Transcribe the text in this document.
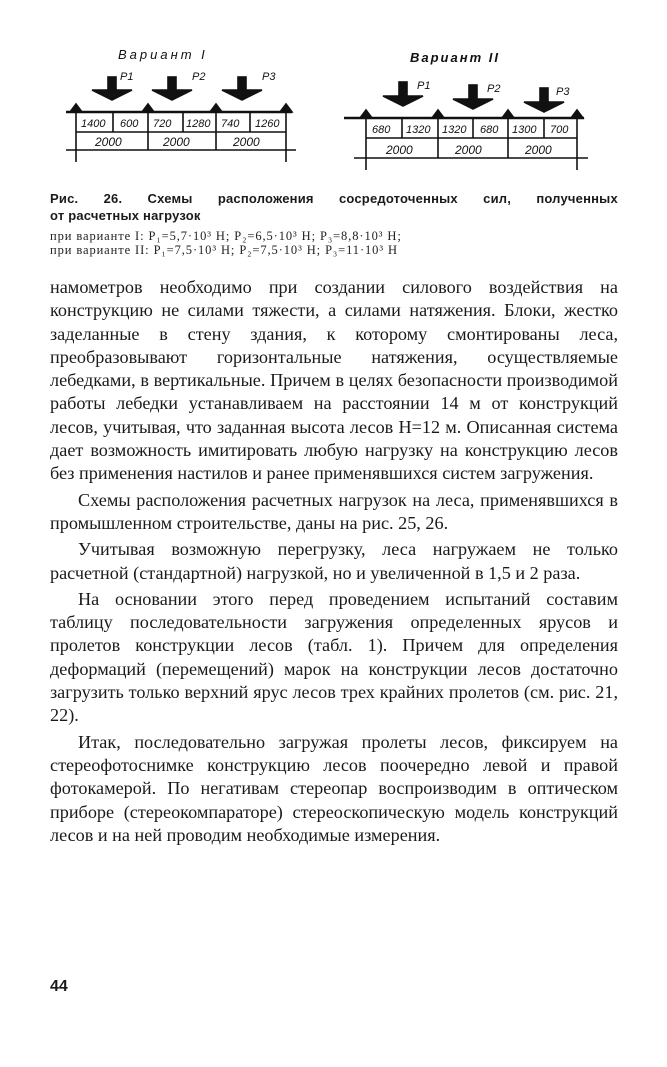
Вариант I
P1	P2	P3
1400 600 720 1280 740 1260
2000	2000	2000
Вариант II
P1	P2	P3
680 1320 1320 680 1300 700
2000	2000	2000
Рис. 26. Схемы расположения сосредоточенных сил, полученных
от расчетных нагрузок
при варианте I: P₁=5,7·10³ Н; P₂=6,5·10³ Н; P₃=8,8·10³ Н;
при варианте II: P₁=7,5·10³ Н; P₂=7,5·10³ Н; P₃=11·10³ Н

намометров необходимо при создании силового воздействия на конструкцию не силами тяжести, а силами натяжения. Блоки, жестко заделанные в стену здания, к которому смонтированы леса, преобразовывают горизонтальные натяжения, осуществляемые лебедками, в вертикальные. Причем в целях безопасности производимой работы лебедки устанавливаем на расстоянии 14 м от конструкций лесов, учитывая, что заданная высота лесов H=12 м. Описанная система дает возможность имитировать любую нагрузку на конструкцию лесов без применения настилов и ранее применявшихся систем загружения.

Схемы расположения расчетных нагрузок на леса, применявшихся в промышленном строительстве, даны на рис. 25, 26.

Учитывая возможную перегрузку, леса нагружаем не только расчетной (стандартной) нагрузкой, но и увеличенной в 1,5 и 2 раза.

На основании этого перед проведением испытаний составим таблицу последовательности загружения определенных ярусов и пролетов конструкции лесов (табл. 1). Причем для определения деформаций (перемещений) марок на конструкции лесов достаточно загрузить только верхний ярус лесов трех крайних пролетов (см. рис. 21, 22).

Итак, последовательно загружая пролеты лесов, фиксируем на стереофотоснимке конструкцию лесов поочередно левой и правой фотокамерой. По негативам стереопар воспроизводим в оптическом приборе (стереокомпараторе) стереоскопическую модель конструкций лесов и на ней проводим необходимые измерения.

44
